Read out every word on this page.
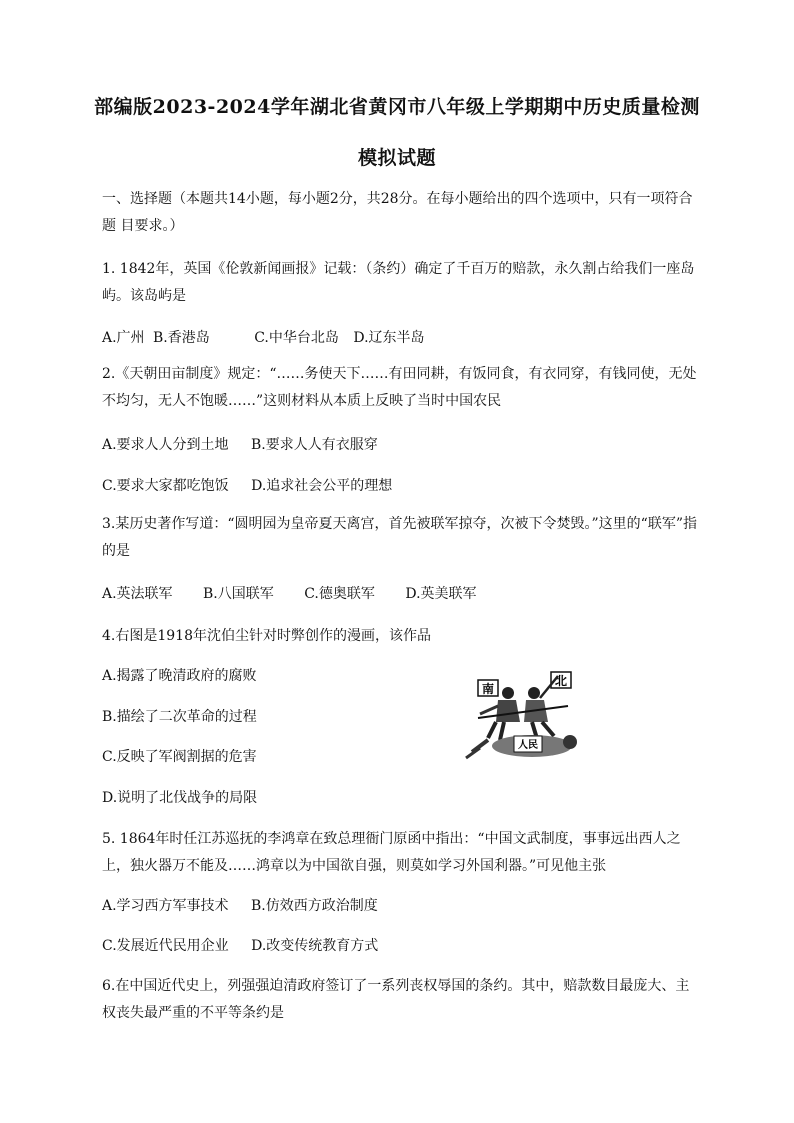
部编版2023-2024学年湖北省黄冈市八年级上学期期中历史质量检测
模拟试题
一、选择题（本题共14小题，每小题2分，共28分。在每小题给出的四个选项中，只有一项符合题 目要求。）
1. 1842年，英国《伦敦新闻画报》记载：（条约）确定了千百万的赔款，永久割占给我们一座岛 屿。该岛屿是
A.广州 B.香港岛	C.中华台北岛 D.辽东半岛
2.《天朝田亩制度》规定：“……务使天下……有田同耕，有饭同食，有衣同穿，有钱同使，无处 不均匀，无人不饱暖……”这则材料从本质上反映了当时中国农民
A.要求人人分到土地 B.要求人人有衣服穿
C.要求大家都吃饱饭 D.追求社会公平的理想
3.某历史著作写道：“圆明园为皇帝夏天离宫，首先被联军掠夺，次被下令焚毁。”这里的“联军”指的是
A.英法联军 B.八国联军 C.德奥联军 D.英美联军
4.右图是1918年沈伯尘针对时弊创作的漫画，该作品
A.揭露了晚清政府的腐败
B.描绘了二次革命的过程
C.反映了军阀割据的危害
D.说明了北伐战争的局限
南
北
人民
5. 1864年时任江苏巡抚的李鸿章在致总理衙门原函中指出：“中国文武制度，事事远出西人之上，独火器万不能及……鸿章以为中国欲自强，则莫如学习外国利器。”可见他主张
A.学习西方军事技术 B.仿效西方政治制度
C.发展近代民用企业 D.改变传统教育方式
6.在中国近代史上，列强强迫清政府签订了一系列丧权辱国的条约。其中，赔款数目最庞大、主权丧失最严重的不平等条约是
